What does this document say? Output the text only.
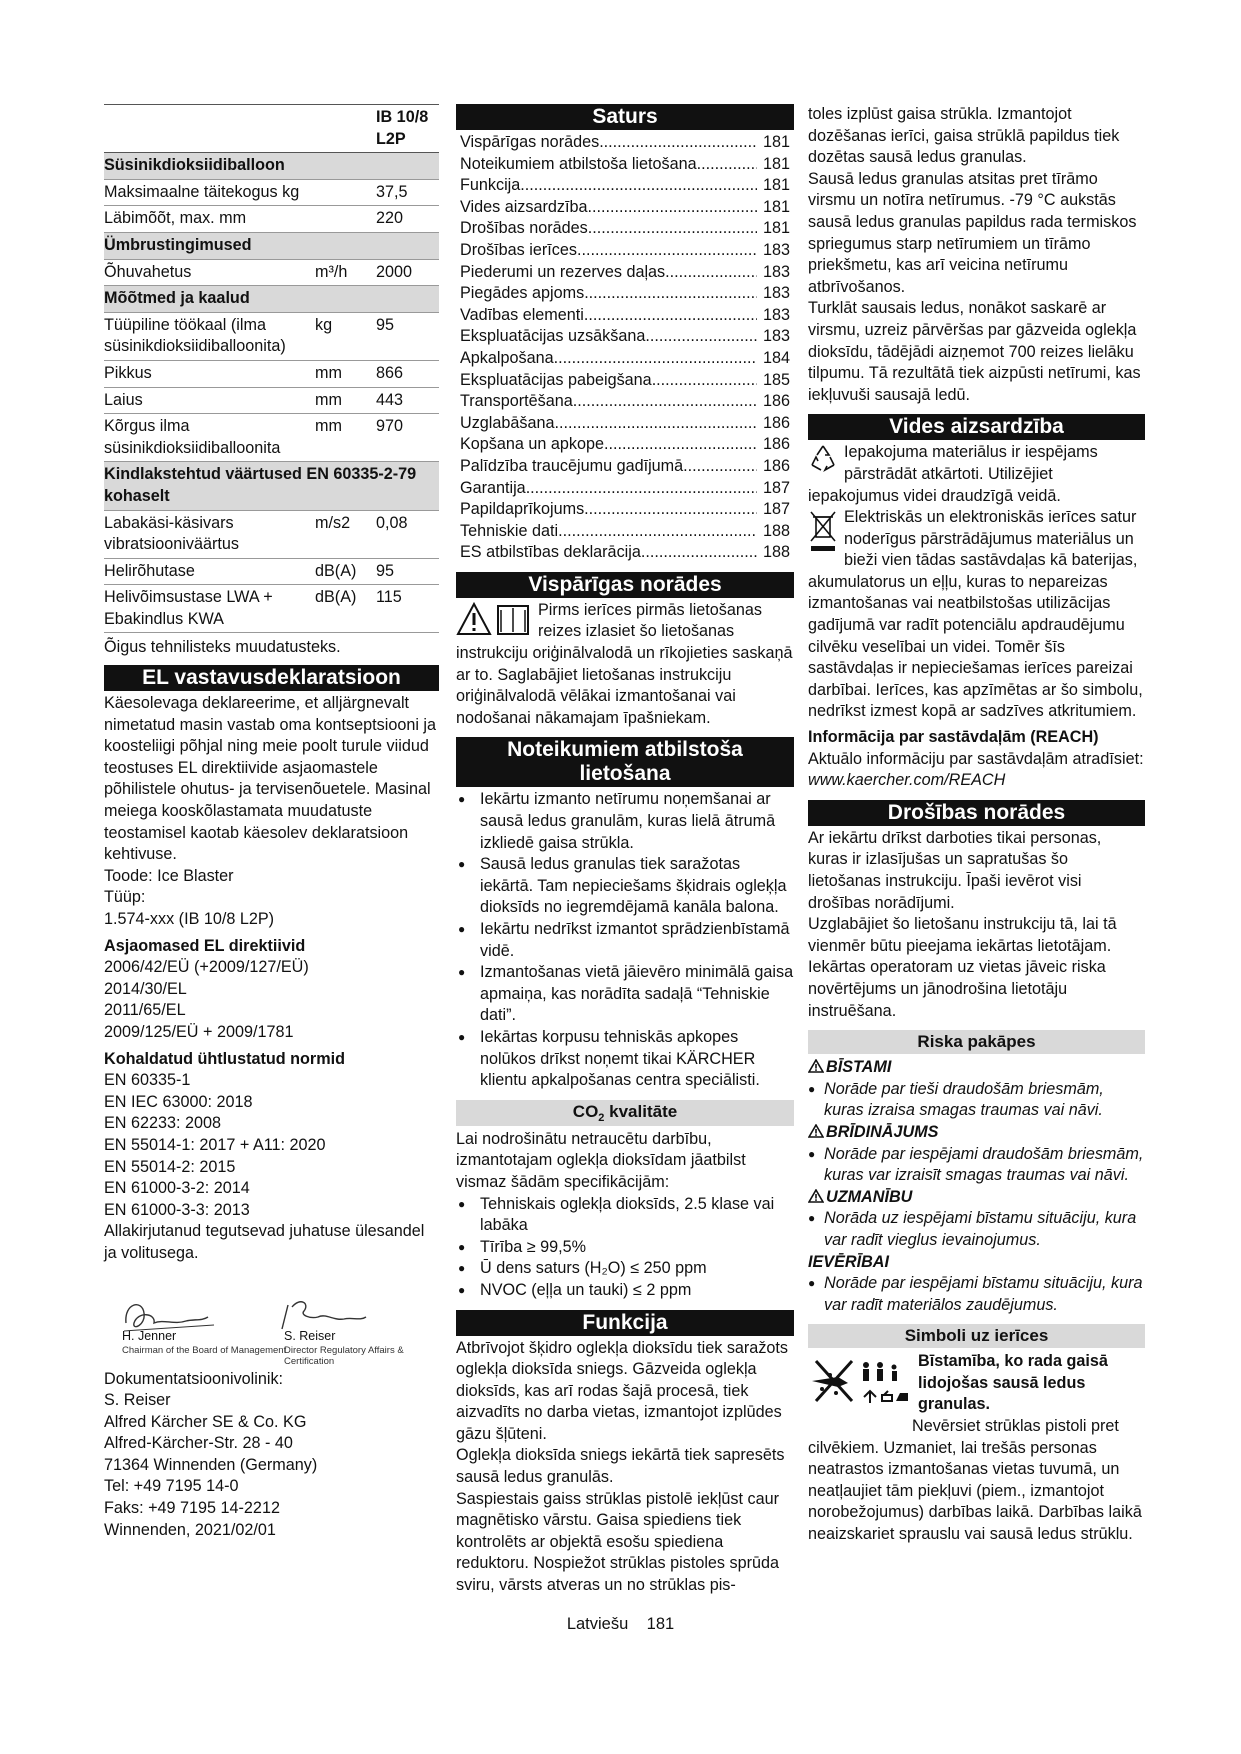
		IB 10/8 L2P
Süsinikdioksiidiballoon		
Maksimaalne täitekogus kg		37,5
Läbimõõt, max. mm		220
Ümbrustingimused		
Õhuvahetus	m³/h	2000
Mõõtmed ja kaalud		
Tüüpiline töökaal (ilma süsinikdioksiidiballoonita)	kg	95
Pikkus	mm	866
Laius	mm	443
Kõrgus ilma süsinikdioksiidiballoonita	mm	970
Kindlakstehtud väärtused EN 60335-2-79 kohaselt		
Labakäsi-käsivars vibratsiooniväärtus	m/s2	0,08
Helirõhutase	dB(A)	95
Helivõimsustase LWA + Ebakindlus KWA	dB(A)	115

Õigus tehnilisteks muudatusteks.

EL vastavusdeklaratsioon

Käesolevaga deklareerime, et alljärgnevalt nimetatud masin vastab oma kontseptsiooni ja koosteliigi põhjal ning meie poolt turule viidud teostuses EL direktiivide asjaomastele põhilistele ohutus- ja tervisenõuetele. Masinal meiega kooskõlastamata muudatuste teostamisel kaotab käesolev deklaratsioon kehtivuse.

Toode: Ice Blaster

Tüüp:

1.574-xxx (IB 10/8 L2P)

Asjaomased EL direktiivid

2006/42/EÜ (+2009/127/EÜ)

2014/30/EL

2011/65/EL

2009/125/EÜ + 2009/1781

Kohaldatud ühtlustatud normid

EN 60335-1

EN IEC 63000: 2018

EN 62233: 2008

EN 55014-1: 2017 + A11: 2020

EN 55014-2: 2015

EN 61000-3-2: 2014

EN 61000-3-3: 2013

Allakirjutanud tegutsevad juhatuse ülesandel ja volitusega.

H. Jenner
Chairman of the Board of Management
S. Reiser
Director Regulatory Affairs & Certification

Dokumentatsioonivolinik:

S. Reiser

Alfred Kärcher SE & Co. KG

Alfred-Kärcher-Str. 28 - 40

71364 Winnenden (Germany)

Tel: +49 7195 14-0

Faks: +49 7195 14-2212

Winnenden, 2021/02/01

Saturs
Vispārīgas norādes .....	181
Noteikumiem atbilstoša lietošana .....	181
Funkcija .....	181
Vides aizsardzība .....	181
Drošības norādes .....	181
Drošības ierīces .....	183
Piederumi un rezerves daļas .....	183
Piegādes apjoms .....	183
Vadības elementi .....	183
Ekspluatācijas uzsākšana .....	183
Apkalpošana .....	184
Ekspluatācijas pabeigšana .....	185
Transportēšana .....	186
Uzglabāšana .....	186
Kopšana un apkope .....	186
Palīdzība traucējumu gadījumā .....	186
Garantija .....	187
Papildaprīkojums .....	187
Tehniskie dati .....	188
ES atbilstības deklarācija .....	188
Vispārīgas norādes

Pirms ierīces pirmās lietošanas reizes izlasiet šo lietošanas instrukciju oriģinālvalodā un rīkojieties saskaņā ar to. Saglabājiet lietošanas instrukciju oriģinālvalodā vēlākai izmantošanai vai nodošanai nākamajam īpašniekam.

Noteikumiem atbilstoša lietošana
● Iekārtu izmanto netīrumu noņemšanai ar sausā ledus granulām, kuras lielā ātrumā izkliedē gaisa strūkla.
● Sausā ledus granulas tiek saražotas iekārtā. Tam nepieciešams šķidrais ogleķļa dioksīds no iegremdējamā kanāla balona.
● Iekārtu nedrīkst izmantot sprādzienbīstamā vidē.
● Izmantošanas vietā jāievēro minimālā gaisa apmaiņa, kas norādīta sadaļā “Tehniskie dati”.
● Iekārtas korpusu tehniskās apkopes nolūkos drīkst noņemt tikai KÄRCHER klientu apkalpošanas centra speciālisti.
$CO_2$ kvalitāte

Lai nodrošinātu netraucētu darbību, izmantotajam oglekļa dioksīdam jāatbilst vismaz šādām specifikācijām:

● Tehniskais oglekļa dioksīds, 2.5 klase vai labāka
● Tīrība ≥ 99,5%
● Ū dens saturs (H₂O) ≤ 250 ppm
● NVOC (eļļa un tauki) ≤ 2 ppm
Funkcija

Atbrīvojot šķidro oglekļa dioksīdu tiek saražots oglekļa dioksīda sniegs. Gāzveida oglekļa dioksīds, kas arī rodas šajā procesā, tiek aizvadīts no darba vietas, izmantojot izplūdes gāzu šļūteni.

Oglekļa dioksīda sniegs iekārtā tiek sapresēts sausā ledus granulās.

Saspiestais gaiss strūklas pistolē iekļūst caur magnētisko vārstu. Gaisa spiediens tiek kontrolēts ar objektā esošu spiediena reduktoru. Nospiežot strūklas pistoles sprūda sviru, vārsts atveras un no strūklas pis-

toles izplūst gaisa strūkla. Izmantojot dozēšanas ierīci, gaisa strūklā papildus tiek dozētas sausā ledus granulas.

Sausā ledus granulas atsitas pret tīrāmo virsmu un notīra netīrumus. -79 °C aukstās sausā ledus granulas papildus rada termiskos spriegumus starp netīrumiem un tīrāmo priekšmetu, kas arī veicina netīrumu atbrīvošanos.

Turklāt sausais ledus, nonākot saskarē ar virsmu, uzreiz pārvēršas par gāzveida oglekļa dioksīdu, tādējādi aizņemot 700 reizes lielāku tilpumu. Tā rezultātā tiek aizpūsti netīrumi, kas iekļuvuši sausajā ledū.

Vides aizsardzība

Iepakojuma materiālus ir iespējams pārstrādāt atkārtoti. Utilizējiet iepakojumus videi draudzīgā veidā.

Elektriskās un elektroniskās ierīces satur noderīgus pārstrādājumus materiālus un bieži vien tādas sastāvdaļas kā baterijas, akumulatorus un eļļu, kuras to nepareizas izmantošanas vai neatbilstošas utilizācijas gadījumā var radīt potenciālu apdraudējumu cilvēku veselībai un videi. Tomēr šīs sastāvdaļas ir nepieciešamas ierīces pareizai darbībai. Ierīces, kas apzīmētas ar šo simbolu, nedrīkst izmest kopā ar sadzīves atkritumiem.

Informācija par sastāvdaļām (REACH)

Aktuālo informāciju par sastāvdaļām atradīsiet: www.kaercher.com/REACH

Drošības norādes

Ar iekārtu drīkst darboties tikai personas, kuras ir izlasījušas un sapratušas šo lietošanas instrukciju. Īpaši ievērot visi drošības norādījumi.

Uzglabājiet šo lietošanu instrukciju tā, lai tā vienmēr būtu pieejama iekārtas lietotājam.

Iekārtas operatoram uz vietas jāveic riska novērtējums un jānodrošina lietotāju instruēšana.

Riska pakāpes

BĪSTAMI

● Norāde par tieši draudošām briesmām, kuras izraisa smagas traumas vai nāvi.

BRĪDINĀJUMS

● Norāde par iespējami draudošām briesmām, kuras var izraisīt smagas traumas vai nāvi.

UZMANĪBU

● Norāda uz iespējami bīstamu situāciju, kura var radīt vieglus ievainojumus.

IEVĒRĪBAI

● Norāde par iespējami bīstamu situāciju, kura var radīt materiālos zaudējumus.
Simboli uz ierīces

Bīstamība, ko rada gaisā lidojošas sausā ledus granulas.

Nevērsiet strūklas pistoli pret cilvēkiem. Uzmaniet, lai trešās personas neatrastos izmantošanas vietas tuvumā, un neatļaujiet tām piekļuvi (piem., izmantojot norobežojumus) darbības laikā. Darbības laikā neaizskariet sprauslu vai sausā ledus strūklu.

Latviešu 181
